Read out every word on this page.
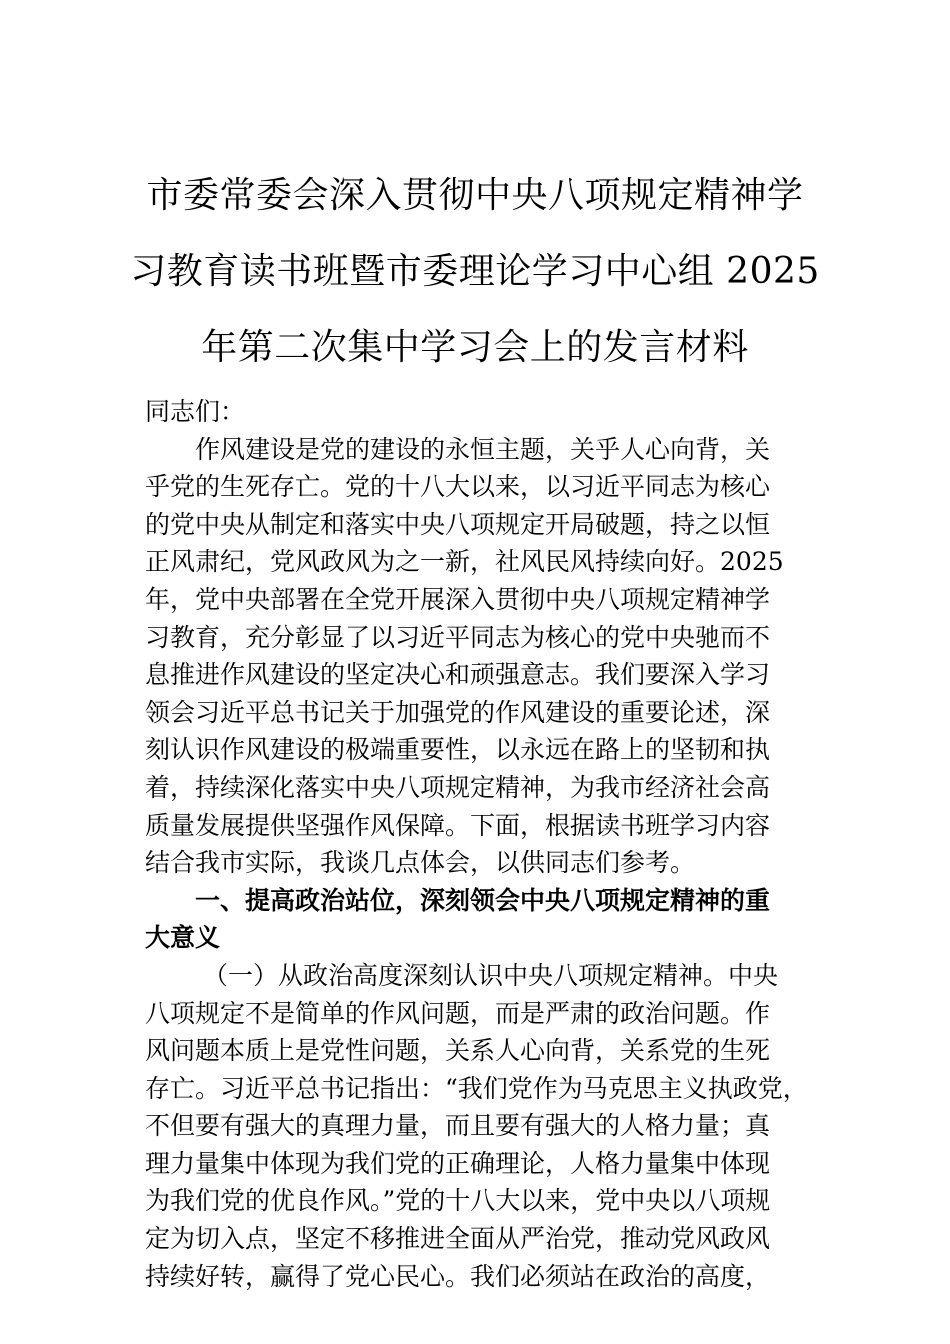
市委常委会深入贯彻中央八项规定精神学
习教育读书班暨市委理论学习中心组 2025
年第二次集中学习会上的发言材料
同志们：
作风建设是党的建设的永恒主题，关乎人心向背，关
乎党的生死存亡。党的十八大以来，以习近平同志为核心
的党中央从制定和落实中央八项规定开局破题，持之以恒
正风肃纪，党风政风为之一新，社风民风持续向好。2025
年，党中央部署在全党开展深入贯彻中央八项规定精神学
习教育，充分彰显了以习近平同志为核心的党中央驰而不
息推进作风建设的坚定决心和顽强意志。我们要深入学习
领会习近平总书记关于加强党的作风建设的重要论述，深
刻认识作风建设的极端重要性，以永远在路上的坚韧和执
着，持续深化落实中央八项规定精神，为我市经济社会高
质量发展提供坚强作风保障。下面，根据读书班学习内容
结合我市实际，我谈几点体会，以供同志们参考。
一、提高政治站位，深刻领会中央八项规定精神的重
大意义
（一）从政治高度深刻认识中央八项规定精神。中央
八项规定不是简单的作风问题，而是严肃的政治问题。作
风问题本质上是党性问题，关系人心向背，关系党的生死
存亡。习近平总书记指出：“我们党作为马克思主义执政党，
不但要有强大的真理力量，而且要有强大的人格力量；真
理力量集中体现为我们党的正确理论，人格力量集中体现
为我们党的优良作风。”党的十八大以来，党中央以八项规
定为切入点，坚定不移推进全面从严治党，推动党风政风
持续好转，赢得了党心民心。我们必须站在政治的高度，
